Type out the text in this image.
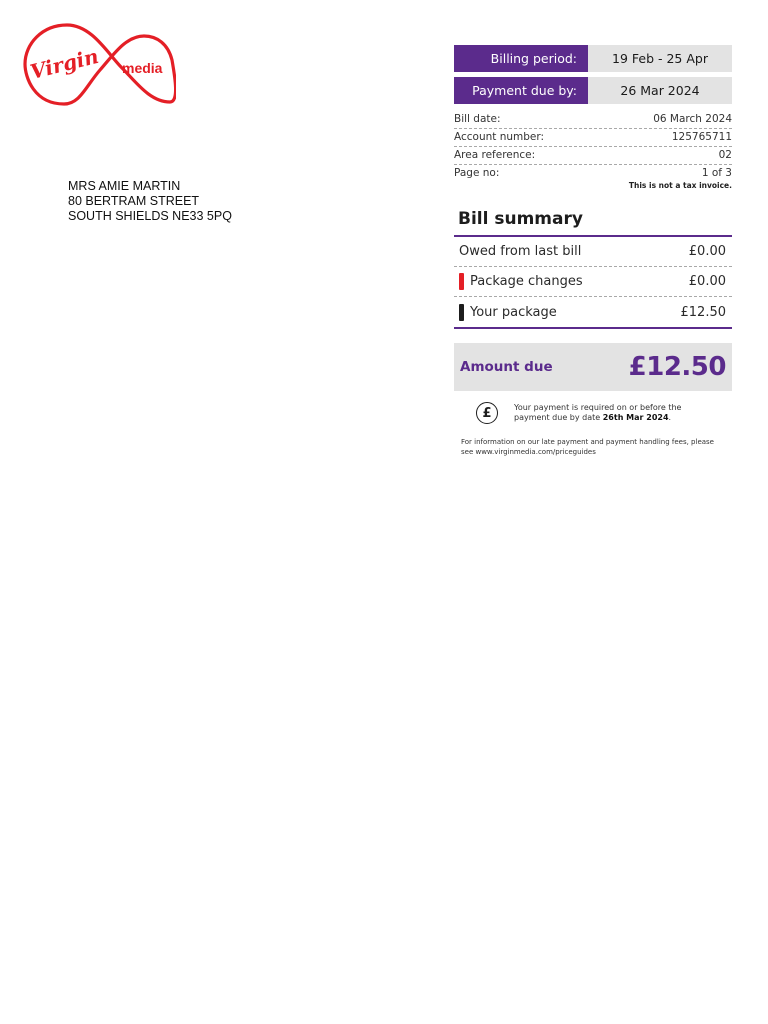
Virgin media
MRS AMIE MARTIN
80 BERTRAM STREET
SOUTH SHIELDS NE33 5PQ
Billing period:	19 Feb - 25 Apr
Payment due by:	26 Mar 2024
Bill date:	06 March 2024
Account number:	125765711
Area reference:	02
Page no:	1 of 3
This is not a tax invoice.
Bill summary
Owed from last bill	£0.00
Package changes	£0.00
Your package	£12.50
Amount due	£12.50
£	Your payment is required on or before the payment due by date 26th Mar 2024.
For information on our late payment and payment handling fees, please see www.virginmedia.com/priceguides
